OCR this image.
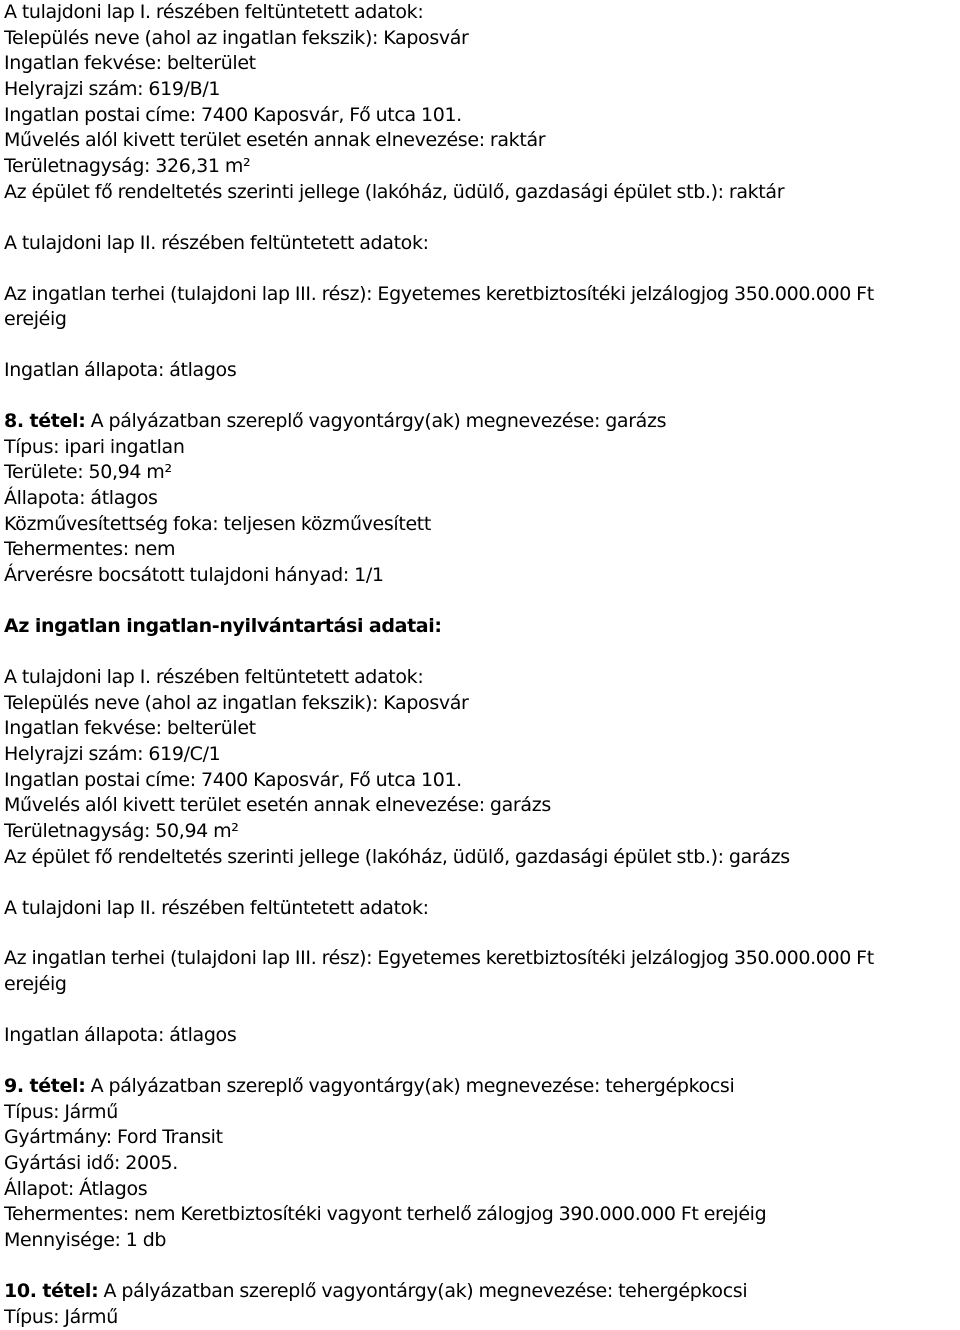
A tulajdoni lap I. részében feltüntetett adatok:
Település neve (ahol az ingatlan fekszik): Kaposvár
Ingatlan fekvése: belterület
Helyrajzi szám: 619/B/1
Ingatlan postai címe: 7400 Kaposvár, Fő utca 101.
Művelés alól kivett terület esetén annak elnevezése: raktár
Területnagyság: 326,31 m²
Az épület fő rendeltetés szerinti jellege (lakóház, üdülő, gazdasági épület stb.): raktár
A tulajdoni lap II. részében feltüntetett adatok:
Az ingatlan terhei (tulajdoni lap III. rész): Egyetemes keretbiztosítéki jelzálogjog 350.000.000 Ft
erejéig
Ingatlan állapota: átlagos
8. tétel: A pályázatban szereplő vagyontárgy(ak) megnevezése: garázs
Típus: ipari ingatlan
Területe: 50,94 m²
Állapota: átlagos
Közművesítettség foka: teljesen közművesített
Tehermentes: nem
Árverésre bocsátott tulajdoni hányad: 1/1
Az ingatlan ingatlan-nyilvántartási adatai:
A tulajdoni lap I. részében feltüntetett adatok:
Település neve (ahol az ingatlan fekszik): Kaposvár
Ingatlan fekvése: belterület
Helyrajzi szám: 619/C/1
Ingatlan postai címe: 7400 Kaposvár, Fő utca 101.
Művelés alól kivett terület esetén annak elnevezése: garázs
Területnagyság: 50,94 m²
Az épület fő rendeltetés szerinti jellege (lakóház, üdülő, gazdasági épület stb.): garázs
A tulajdoni lap II. részében feltüntetett adatok:
Az ingatlan terhei (tulajdoni lap III. rész): Egyetemes keretbiztosítéki jelzálogjog 350.000.000 Ft
erejéig
Ingatlan állapota: átlagos
9. tétel: A pályázatban szereplő vagyontárgy(ak) megnevezése: tehergépkocsi
Típus: Jármű
Gyártmány: Ford Transit
Gyártási idő: 2005.
Állapot: Átlagos
Tehermentes: nem Keretbiztosítéki vagyont terhelő zálogjog 390.000.000 Ft erejéig
Mennyisége: 1 db
10. tétel: A pályázatban szereplő vagyontárgy(ak) megnevezése: tehergépkocsi
Típus: Jármű
